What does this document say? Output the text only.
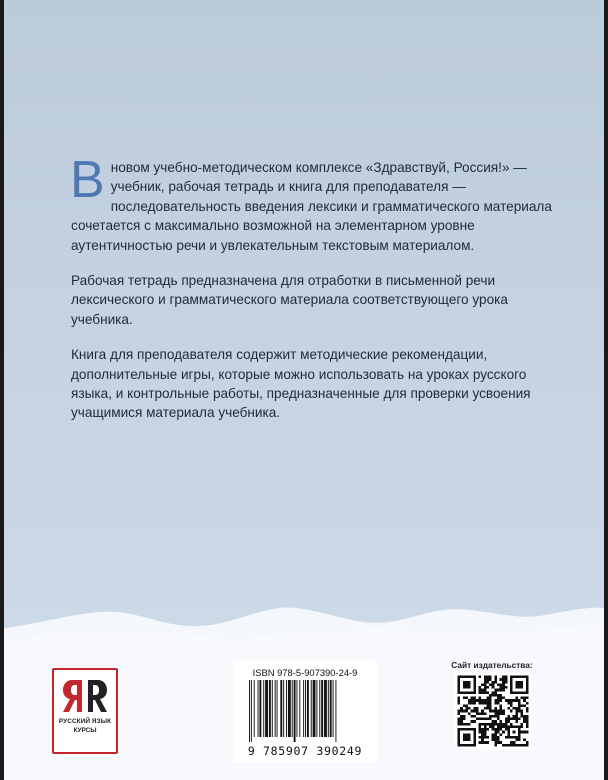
В новом учебно-методическом комплексе «Здравствуй, Россия!» — учебник, рабочая тетрадь и книга для преподавателя — последовательность введения лексики и грамматического материала сочетается с максимально возможной на элементарном уровне аутентичностью речи и увлекательным текстовым материалом.

Рабочая тетрадь предназначена для отработки в письменной речи лексического и грамматического материала соответствующего урока учебника.

Книга для преподавателя содержит методические рекомендации, дополнительные игры, которые можно использовать на уроках русского языка, и контрольные работы, предназначенные для проверки усвоения учащимися материала учебника.

РУССКИЙ ЯЗЫК
КУРСЫ
ISBN 978-5-907390-24-9
9 785907 390249
Сайт издательства:
